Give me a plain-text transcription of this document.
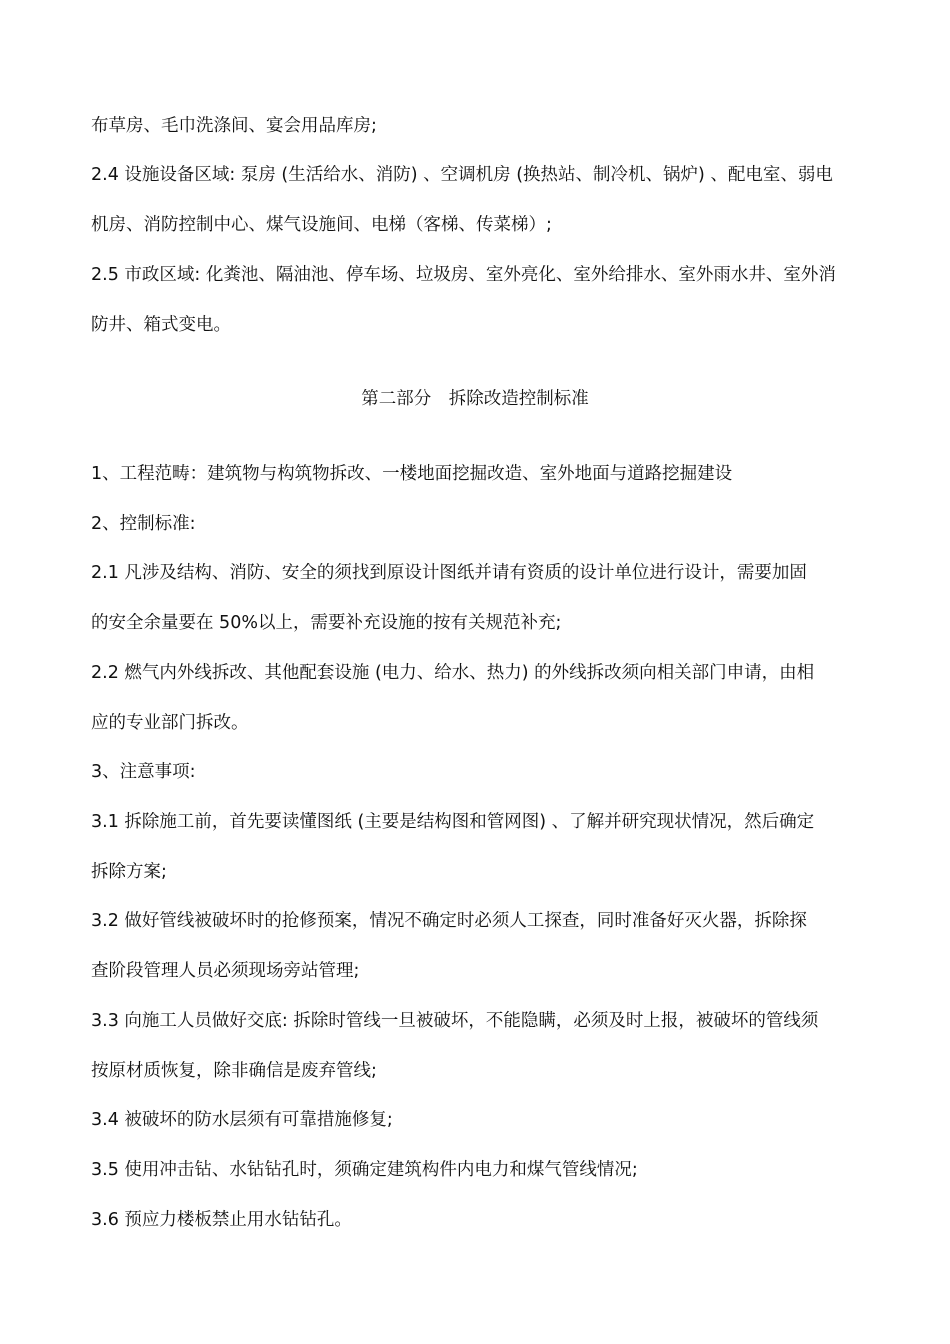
布草房、毛巾洗涤间、宴会用品库房;
2.4 设施设备区域: 泵房 (生活给水、消防) 、空调机房 (换热站、制冷机、锅炉) 、配电室、弱电
机房、消防控制中心、煤气设施间、电梯（客梯、传菜梯）;
2.5 市政区域: 化粪池、隔油池、停车场、垃圾房、室外亮化、室外给排水、室外雨水井、室外消
防井、箱式变电。
第二部分　拆除改造控制标准
1、工程范畴：建筑物与构筑物拆改、一楼地面挖掘改造、室外地面与道路挖掘建设
2、控制标准:
2.1 凡涉及结构、消防、安全的须找到原设计图纸并请有资质的设计单位进行设计，需要加固
的安全余量要在 50%以上，需要补充设施的按有关规范补充;
2.2 燃气内外线拆改、其他配套设施 (电力、给水、热力) 的外线拆改须向相关部门申请，由相
应的专业部门拆改。
3、注意事项:
3.1 拆除施工前，首先要读懂图纸 (主要是结构图和管网图) 、了解并研究现状情况，然后确定
拆除方案;
3.2 做好管线被破坏时的抢修预案，情况不确定时必须人工探查，同时准备好灭火器，拆除探
查阶段管理人员必须现场旁站管理;
3.3 向施工人员做好交底: 拆除时管线一旦被破坏，不能隐瞒，必须及时上报，被破坏的管线须
按原材质恢复，除非确信是废弃管线;
3.4 被破坏的防水层须有可靠措施修复;
3.5 使用冲击钻、水钻钻孔时，须确定建筑构件内电力和煤气管线情况;
3.6 预应力楼板禁止用水钻钻孔。
